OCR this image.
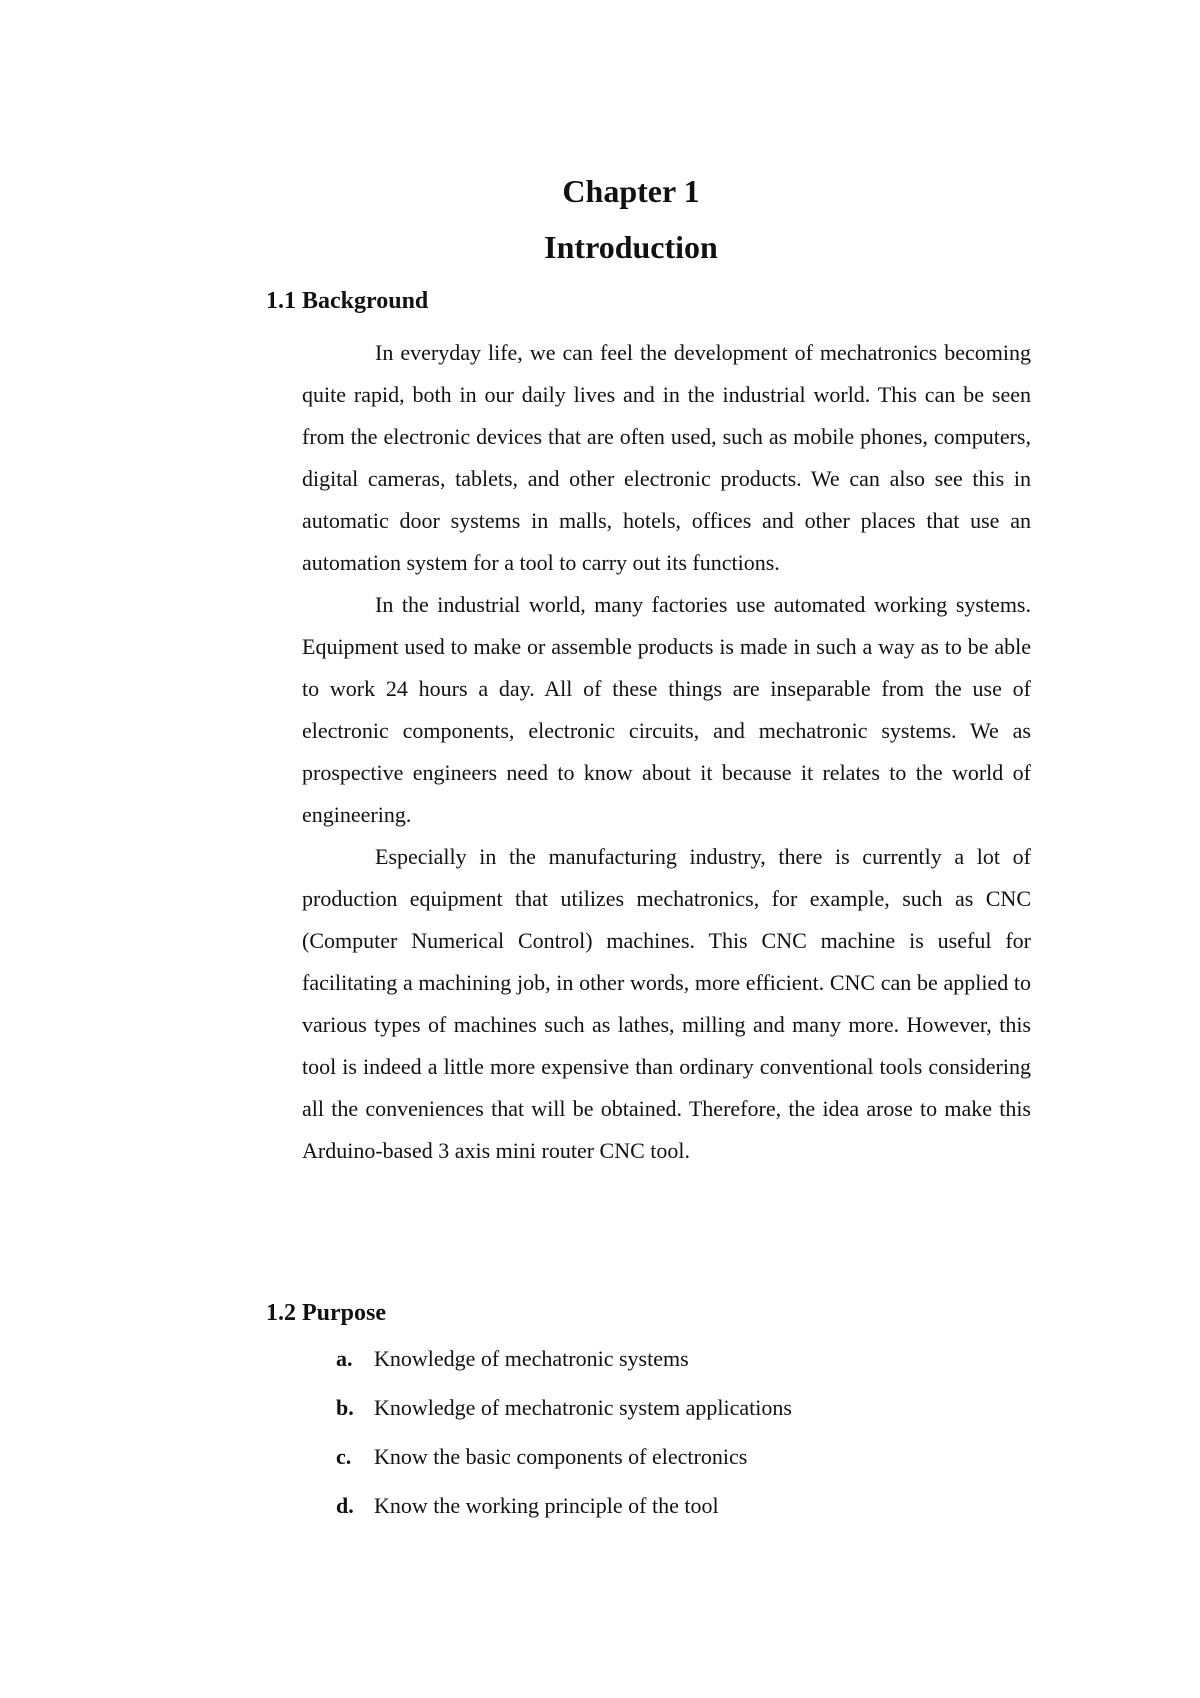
Chapter 1
Introduction
1.1 Background

In everyday life, we can feel the development of mechatronics becoming quite rapid, both in our daily lives and in the industrial world. This can be seen from the electronic devices that are often used, such as mobile phones, computers, digital cameras, tablets, and other electronic products. We can also see this in automatic door systems in malls, hotels, offices and other places that use an automation system for a tool to carry out its functions.

In the industrial world, many factories use automated working systems. Equipment used to make or assemble products is made in such a way as to be able to work 24 hours a day. All of these things are inseparable from the use of electronic components, electronic circuits, and mechatronic systems. We as prospective engineers need to know about it because it relates to the world of engineering.

Especially in the manufacturing industry, there is currently a lot of production equipment that utilizes mechatronics, for example, such as CNC (Computer Numerical Control) machines. This CNC machine is useful for facilitating a machining job, in other words, more efficient. CNC can be applied to various types of machines such as lathes, milling and many more. However, this tool is indeed a little more expensive than ordinary conventional tools considering all the conveniences that will be obtained. Therefore, the idea arose to make this Arduino-based 3 axis mini router CNC tool.

1.2 Purpose
a. Knowledge of mechatronic systems
b. Knowledge of mechatronic system applications
c.	Know the basic components of electronics
d. Know the working principle of the tool
